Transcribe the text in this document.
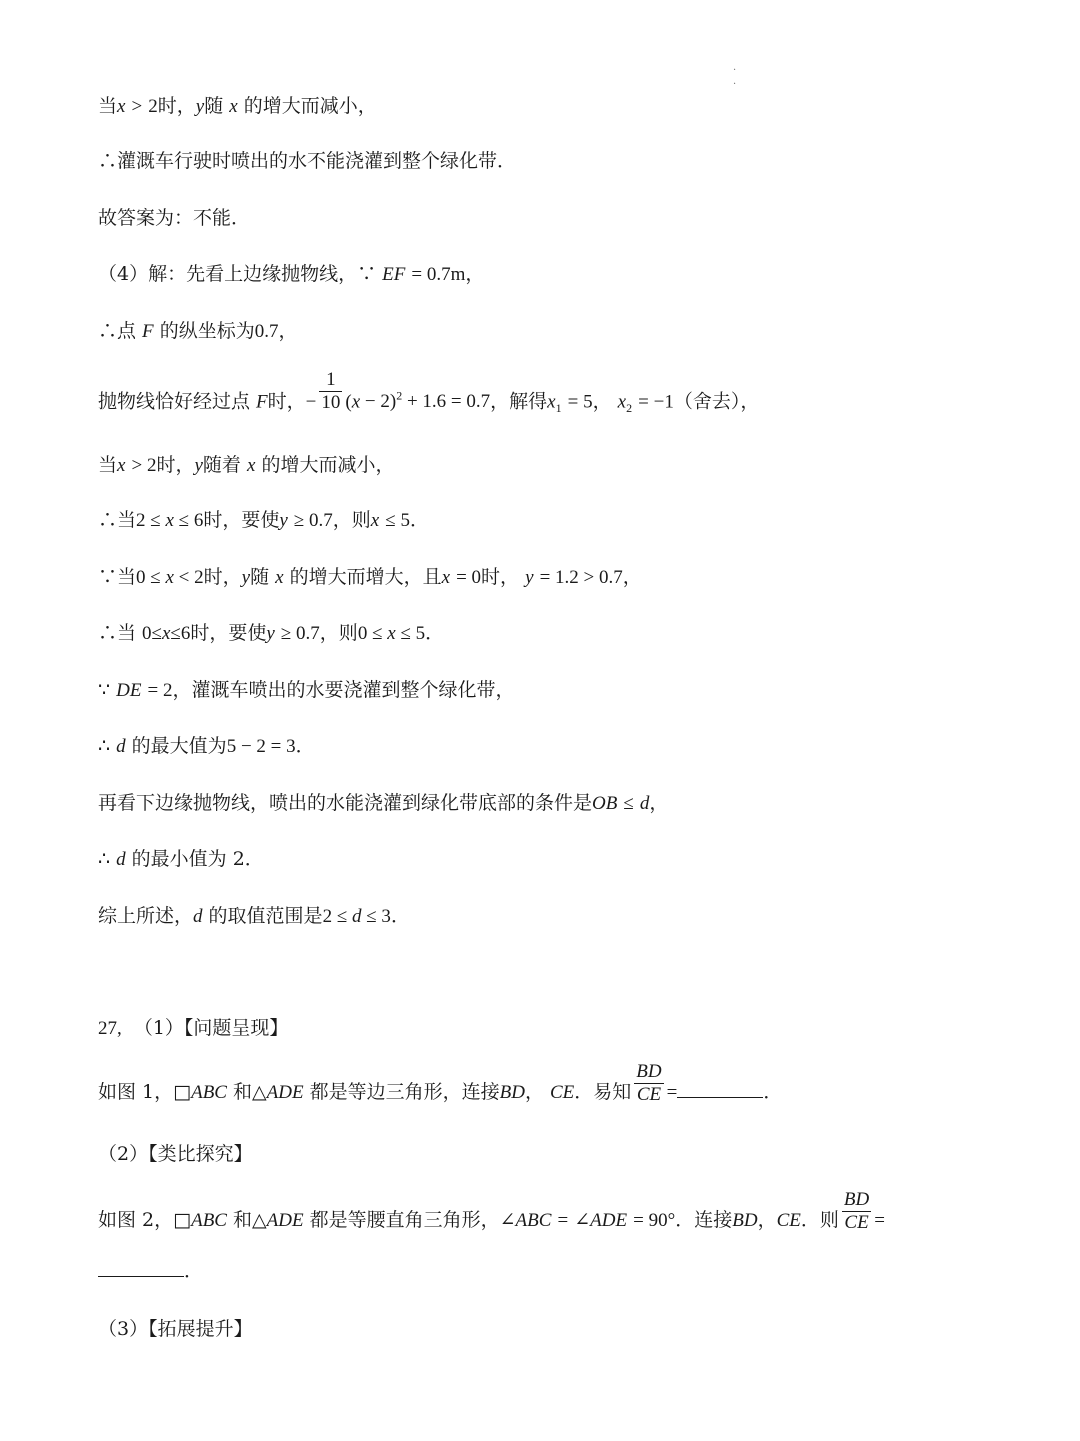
·
·
当x > 2时，y随 x 的增大而减小，
∴灌溉车行驶时喷出的水不能浇灌到整个绿化带．
故答案为：不能．
（4）解：先看上边缘抛物线，∵ EF = 0.7m，
∴点 F 的纵坐标为0.7，
抛物线恰好经过点 F时，− $\frac{1}{10} (x - 2)^2 + 1.6 = 0.7$，解得$x_1 = 5$， $x_2 = -1$（舍去），
当x > 2时，y随着 x 的增大而减小，
∴当2 ≤ x ≤ 6时，要使y ≥ 0.7，则x ≤ 5．
∵当0 ≤ x < 2时，y随 x 的增大而增大，且x = 0时， y = 1.2 > 0.7，
∴当 0≤x≤6时，要使y ≥ 0.7，则0 ≤ x ≤ 5．
∵ DE = 2，灌溉车喷出的水要浇灌到整个绿化带，
∴ d 的最大值为5 − 2 = 3．
再看下边缘抛物线，喷出的水能浇灌到绿化带底部的条件是OB ≤ d，
∴ d 的最小值为 2．
综上所述，d 的取值范围是2 ≤ d ≤ 3．
27,  （1）【问题呈现】
如图 1，□ABC 和△ADE 都是等边三角形，连接BD， CE．易知 $\frac{BD}{CE}$ =	．
（2）【类比探究】
如图 2，□ABC 和△ADE 都是等腰直角三角形，∠ABC = ∠ADE = 90°．连接BD，CE．则 $\frac{BD}{CE}$ =
．
（3）【拓展提升】
